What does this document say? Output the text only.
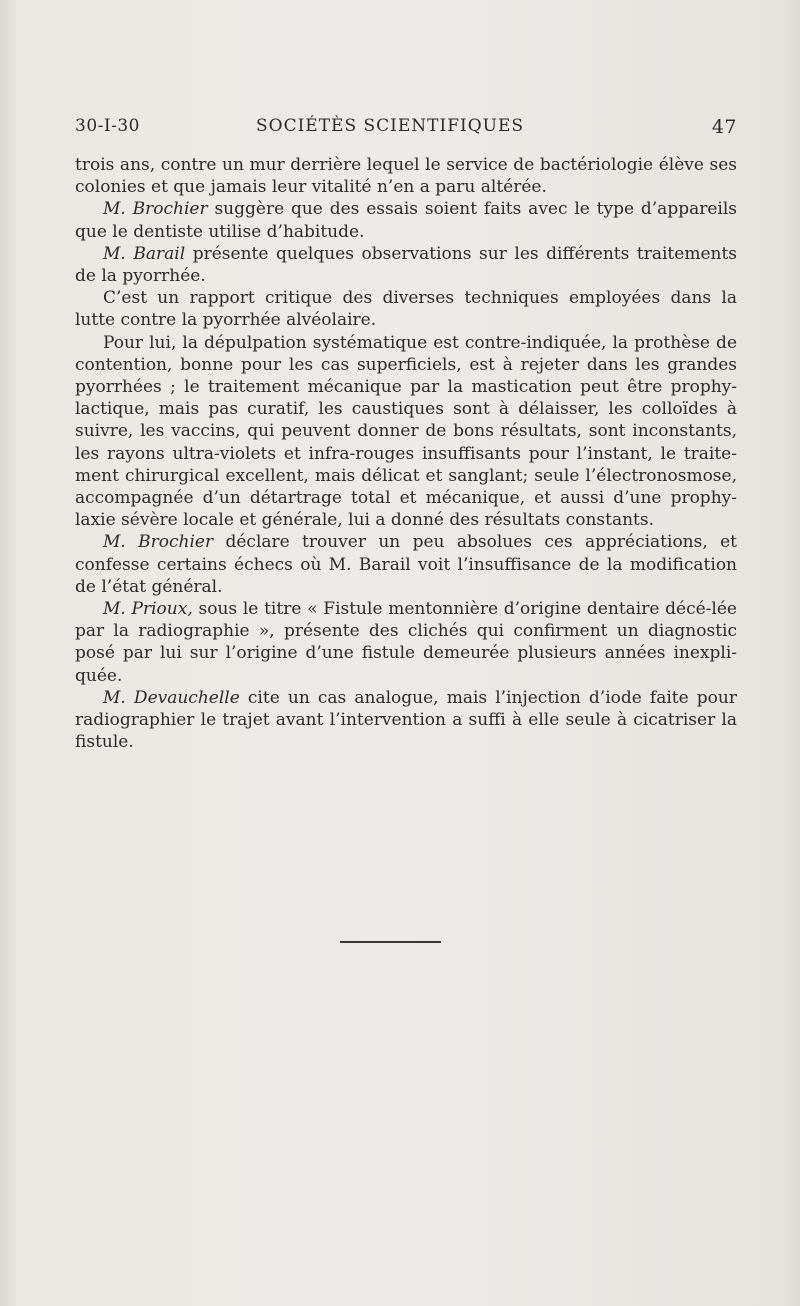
30-I-30	SOCIÉTÈS SCIENTIFIQUES	47

trois ans, contre un mur derrière lequel le service de bactériologie élève ses colonies et que jamais leur vitalité n’en a paru altérée.

M. Brochier suggère que des essais soient faits avec le type d’appareils que le dentiste utilise d’habitude.

M. Barail présente quelques observations sur les différents traitements de la pyorrhée.

C’est un rapport critique des diverses techniques employées dans la lutte contre la pyorrhée alvéolaire.

Pour lui, la dépulpation systématique est contre-indiquée, la prothèse de contention, bonne pour les cas superficiels, est à rejeter dans les grandes pyorrhées ; le traitement mécanique par la mastication peut être prophy-lactique, mais pas curatif, les caustiques sont à délaisser, les colloïdes à suivre, les vaccins, qui peuvent donner de bons résultats, sont inconstants, les rayons ultra-violets et infra-rouges insuffisants pour l’instant, le traite-ment chirurgical excellent, mais délicat et sanglant; seule l’électronosmose, accompagnée d’un détartrage total et mécanique, et aussi d’une prophy-laxie sévère locale et générale, lui a donné des résultats constants.

M. Brochier déclare trouver un peu absolues ces appréciations, et confesse certains échecs où M. Barail voit l’insuffisance de la modification de l’état général.

M. Prioux, sous le titre « Fistule mentonnière d’origine dentaire décé-lée par la radiographie », présente des clichés qui confirment un diagnostic posé par lui sur l’origine d’une fistule demeurée plusieurs années inexpli-quée.

M. Devauchelle cite un cas analogue, mais l’injection d’iode faite pour radiographier le trajet avant l’intervention a suffi à elle seule à cicatriser la fistule.
